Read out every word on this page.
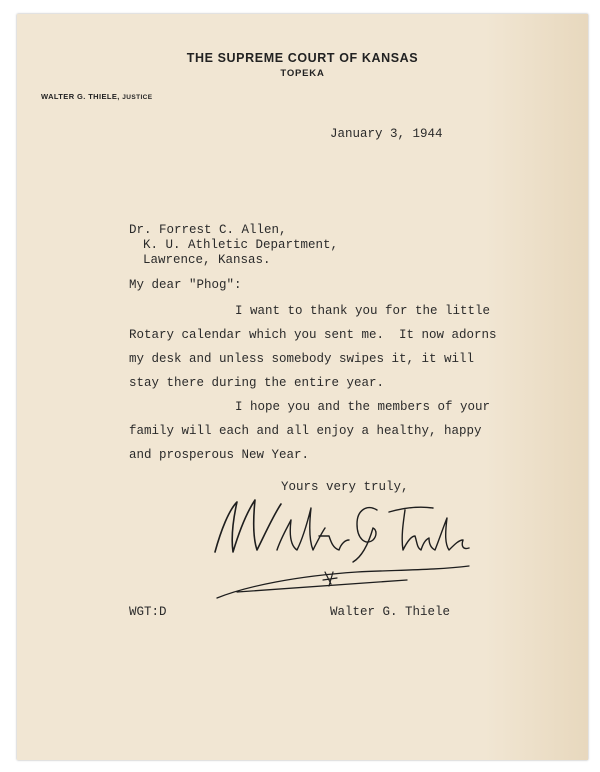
THE SUPREME COURT OF KANSAS
TOPEKA
WALTER G. THIELE, JUSTICE
January 3, 1944
Dr. Forrest C. Allen,
K. U. Athletic Department,
Lawrence, Kansas.
My dear "Phog":
I want to thank you for the little
Rotary calendar which you sent me.  It now adorns
my desk and unless somebody swipes it, it will
stay there during the entire year.
I hope you and the members of your
family will each and all enjoy a healthy, happy
and prosperous New Year.
Yours very truly,
WGT:D	Walter G. Thiele
